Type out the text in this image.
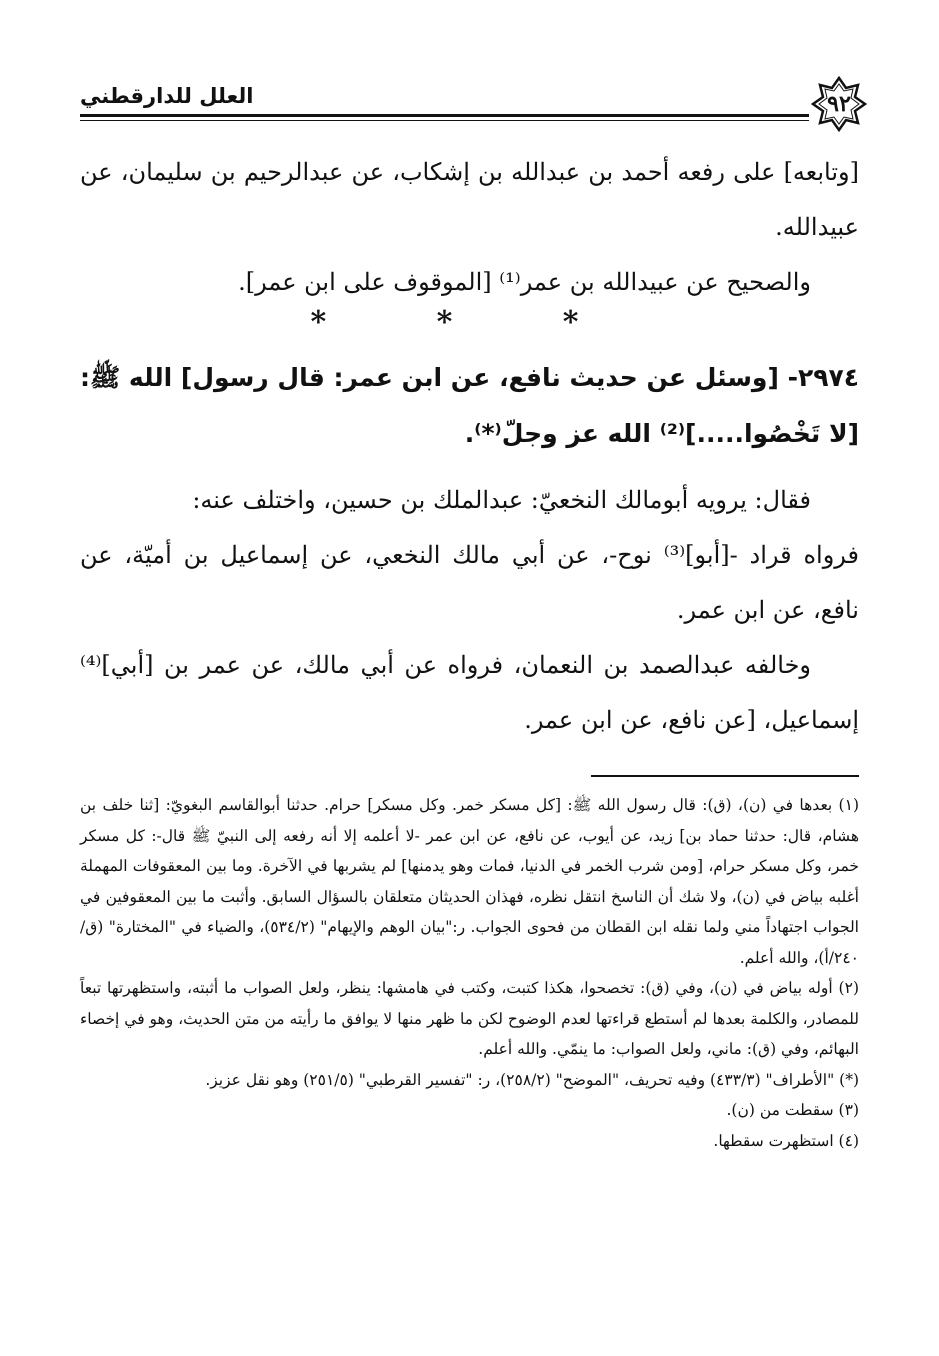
٩٢
العلل للدارقطني

[وتابعه] على رفعه أحمد بن عبدالله بن إشكاب، عن عبدالرحيم بن سليمان، عن عبيدالله.

والصحيح عن عبيدالله بن عمر⁽¹⁾ [الموقوف على ابن عمر].

* * *
٢٩٧٤- [وسئل عن حديث نافع، عن ابن عمر: قال رسول] الله ﷺ: [لا تَخْصُوا.....]⁽²⁾ الله عز وجلّ⁽*⁾.

فقال: يرويه أبومالك النخعيّ: عبدالملك بن حسين، واختلف عنه:

فرواه قراد -[أبو]⁽³⁾ نوح-، عن أبي مالك النخعي، عن إسماعيل بن أميّة، عن نافع، عن ابن عمر.

وخالفه عبدالصمد بن النعمان، فرواه عن أبي مالك، عن عمر بن [أبي]⁽⁴⁾ إسماعيل، [عن نافع، عن ابن عمر.

(١) بعدها في (ن)، (ق): قال رسول الله ﷺ: [كل مسكر خمر. وكل مسكر] حرام. حدثنا أبوالقاسم البغويّ: [ثنا خلف بن هشام، قال: حدثنا حماد بن] زيد، عن أيوب، عن نافع، عن ابن عمر -لا أعلمه إلا أنه رفعه إلى النبيّ ﷺ قال-: كل مسكر خمر، وكل مسكر حرام، [ومن شرب الخمر في الدنيا، فمات وهو يدمنها] لم يشربها في الآخرة. وما بين المعقوفات المهملة أغلبه بياض في (ن)، ولا شك أن الناسخ انتقل نظره، فهذان الحديثان متعلقان بالسؤال السابق. وأثبت ما بين المعقوفين في الجواب اجتهاداً مني ولما نقله ابن القطان من فحوى الجواب. ر:"بيان الوهم والإيهام" (٥٣٤/٢)، والضياء في "المختارة" (ق/٢٤٠/أ)، والله أعلم.

(٢) أوله بياض في (ن)، وفي (ق): تخصحوا، هكذا كتبت، وكتب في هامشها: ينظر، ولعل الصواب ما أثبته، واستظهرتها تبعاً للمصادر، والكلمة بعدها لم أستطع قراءتها لعدم الوضوح لكن ما ظهر منها لا يوافق ما رأيته من متن الحديث، وهو في إخصاء البهائم، وفي (ق): ماني، ولعل الصواب: ما ينمّي. والله أعلم.

(*) "الأطراف" (٤٣٣/٣) وفيه تحريف، "الموضح" (٢٥٨/٢)، ر: "تفسير القرطبي" (٢٥١/٥) وهو نقل عزيز.

(٣) سقطت من (ن).

(٤) استظهرت سقطها.
